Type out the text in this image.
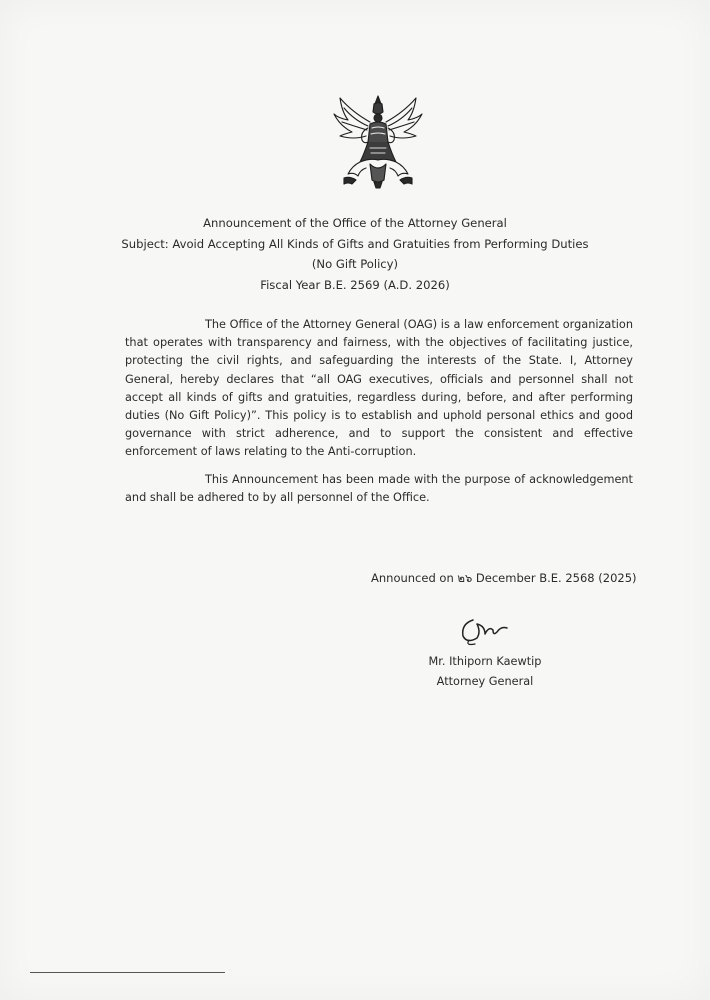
Announcement of the Office of the Attorney General
Subject: Avoid Accepting All Kinds of Gifts and Gratuities from Performing Duties
(No Gift Policy)
Fiscal Year B.E. 2569 (A.D. 2026)

The Office of the Attorney General (OAG) is a law enforcement organization that operates with transparency and fairness, with the objectives of facilitating justice, protecting the civil rights, and safeguarding the interests of the State. I, Attorney General, hereby declares that “all OAG executives, officials and personnel shall not accept all kinds of gifts and gratuities, regardless during, before, and after performing duties (No Gift Policy)”. This policy is to establish and uphold personal ethics and good governance with strict adherence, and to support the consistent and effective enforcement of laws relating to the Anti-corruption.

This Announcement has been made with the purpose of acknowledgement and shall be adhered to by all personnel of the Office.

Announced on ๒๖ December B.E. 2568 (2025)
Mr. Ithiporn Kaewtip
Attorney General
